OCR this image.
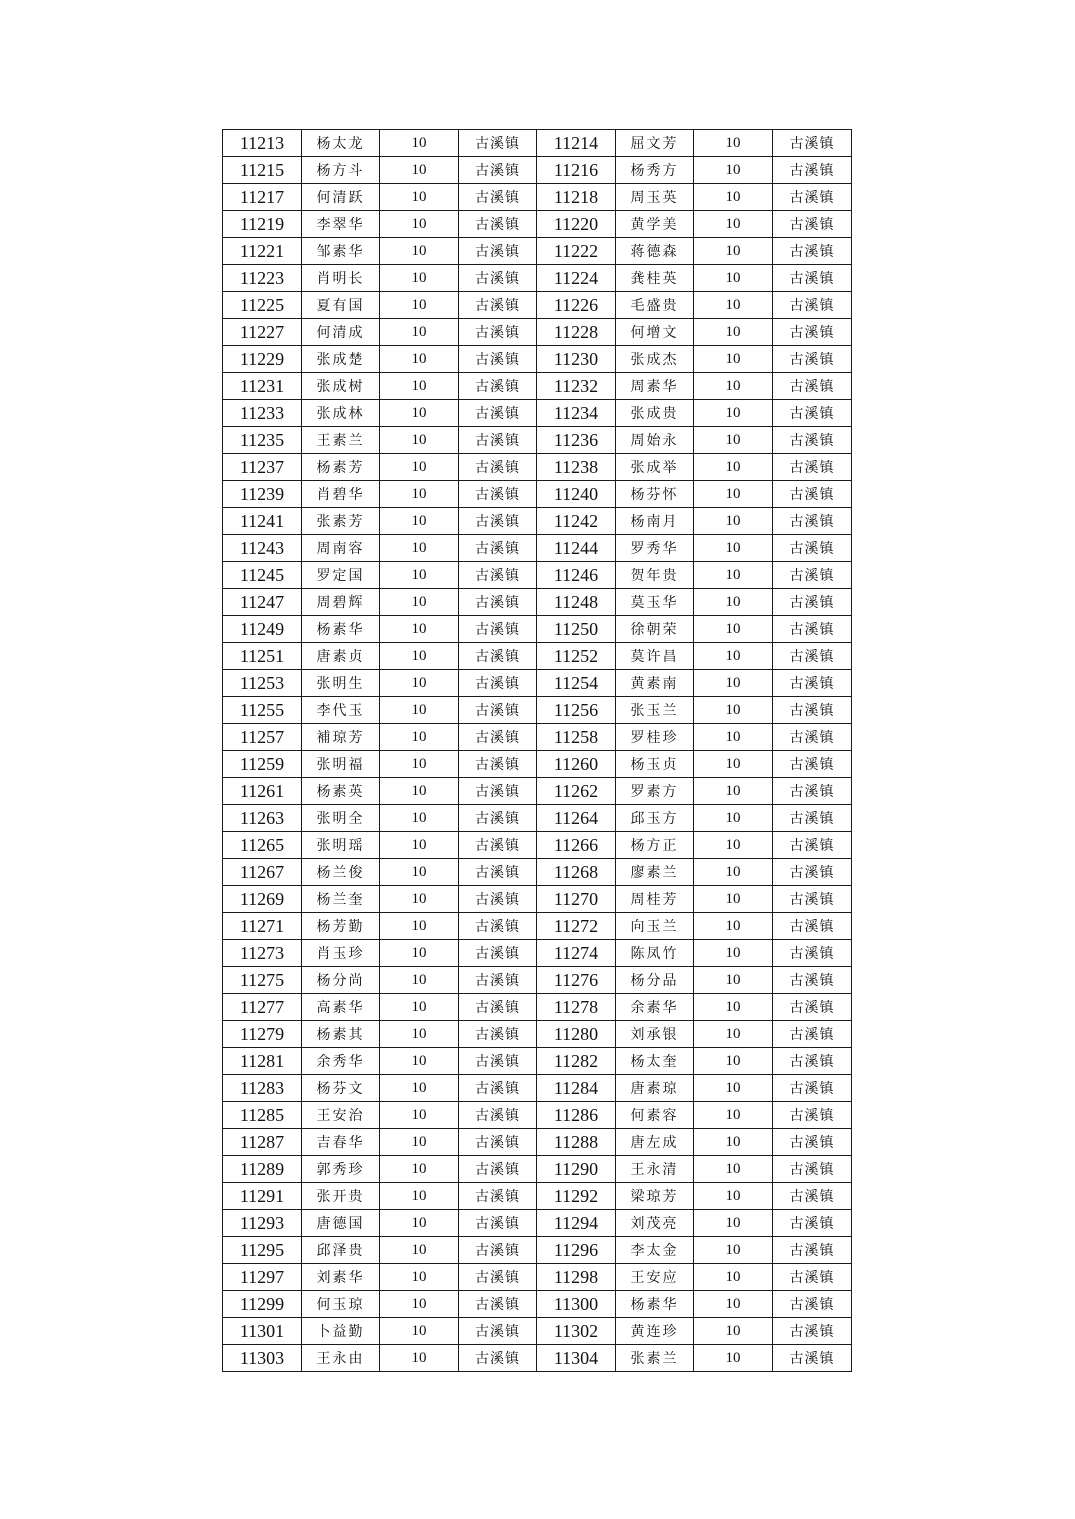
11213	杨太龙	10	古溪镇	11214	屈文芳	10	古溪镇
11215	杨方斗	10	古溪镇	11216	杨秀方	10	古溪镇
11217	何清跃	10	古溪镇	11218	周玉英	10	古溪镇
11219	李翠华	10	古溪镇	11220	黄学美	10	古溪镇
11221	邹素华	10	古溪镇	11222	蒋德森	10	古溪镇
11223	肖明长	10	古溪镇	11224	龚桂英	10	古溪镇
11225	夏有国	10	古溪镇	11226	毛盛贵	10	古溪镇
11227	何清成	10	古溪镇	11228	何增文	10	古溪镇
11229	张成楚	10	古溪镇	11230	张成杰	10	古溪镇
11231	张成树	10	古溪镇	11232	周素华	10	古溪镇
11233	张成林	10	古溪镇	11234	张成贵	10	古溪镇
11235	王素兰	10	古溪镇	11236	周始永	10	古溪镇
11237	杨素芳	10	古溪镇	11238	张成举	10	古溪镇
11239	肖碧华	10	古溪镇	11240	杨芬怀	10	古溪镇
11241	张素芳	10	古溪镇	11242	杨南月	10	古溪镇
11243	周南容	10	古溪镇	11244	罗秀华	10	古溪镇
11245	罗定国	10	古溪镇	11246	贺年贵	10	古溪镇
11247	周碧辉	10	古溪镇	11248	莫玉华	10	古溪镇
11249	杨素华	10	古溪镇	11250	徐朝荣	10	古溪镇
11251	唐素贞	10	古溪镇	11252	莫许昌	10	古溪镇
11253	张明生	10	古溪镇	11254	黄素南	10	古溪镇
11255	李代玉	10	古溪镇	11256	张玉兰	10	古溪镇
11257	補琼芳	10	古溪镇	11258	罗桂珍	10	古溪镇
11259	张明福	10	古溪镇	11260	杨玉贞	10	古溪镇
11261	杨素英	10	古溪镇	11262	罗素方	10	古溪镇
11263	张明全	10	古溪镇	11264	邱玉方	10	古溪镇
11265	张明瑶	10	古溪镇	11266	杨方正	10	古溪镇
11267	杨兰俊	10	古溪镇	11268	廖素兰	10	古溪镇
11269	杨兰奎	10	古溪镇	11270	周桂芳	10	古溪镇
11271	杨芳勤	10	古溪镇	11272	向玉兰	10	古溪镇
11273	肖玉珍	10	古溪镇	11274	陈凤竹	10	古溪镇
11275	杨分尚	10	古溪镇	11276	杨分品	10	古溪镇
11277	高素华	10	古溪镇	11278	余素华	10	古溪镇
11279	杨素其	10	古溪镇	11280	刘承银	10	古溪镇
11281	余秀华	10	古溪镇	11282	杨太奎	10	古溪镇
11283	杨芬文	10	古溪镇	11284	唐素琼	10	古溪镇
11285	王安治	10	古溪镇	11286	何素容	10	古溪镇
11287	吉春华	10	古溪镇	11288	唐左成	10	古溪镇
11289	郭秀珍	10	古溪镇	11290	王永清	10	古溪镇
11291	张开贵	10	古溪镇	11292	梁琼芳	10	古溪镇
11293	唐德国	10	古溪镇	11294	刘茂亮	10	古溪镇
11295	邱泽贵	10	古溪镇	11296	李太金	10	古溪镇
11297	刘素华	10	古溪镇	11298	王安应	10	古溪镇
11299	何玉琼	10	古溪镇	11300	杨素华	10	古溪镇
11301	卜益勤	10	古溪镇	11302	黄连珍	10	古溪镇
11303	王永由	10	古溪镇	11304	张素兰	10	古溪镇
